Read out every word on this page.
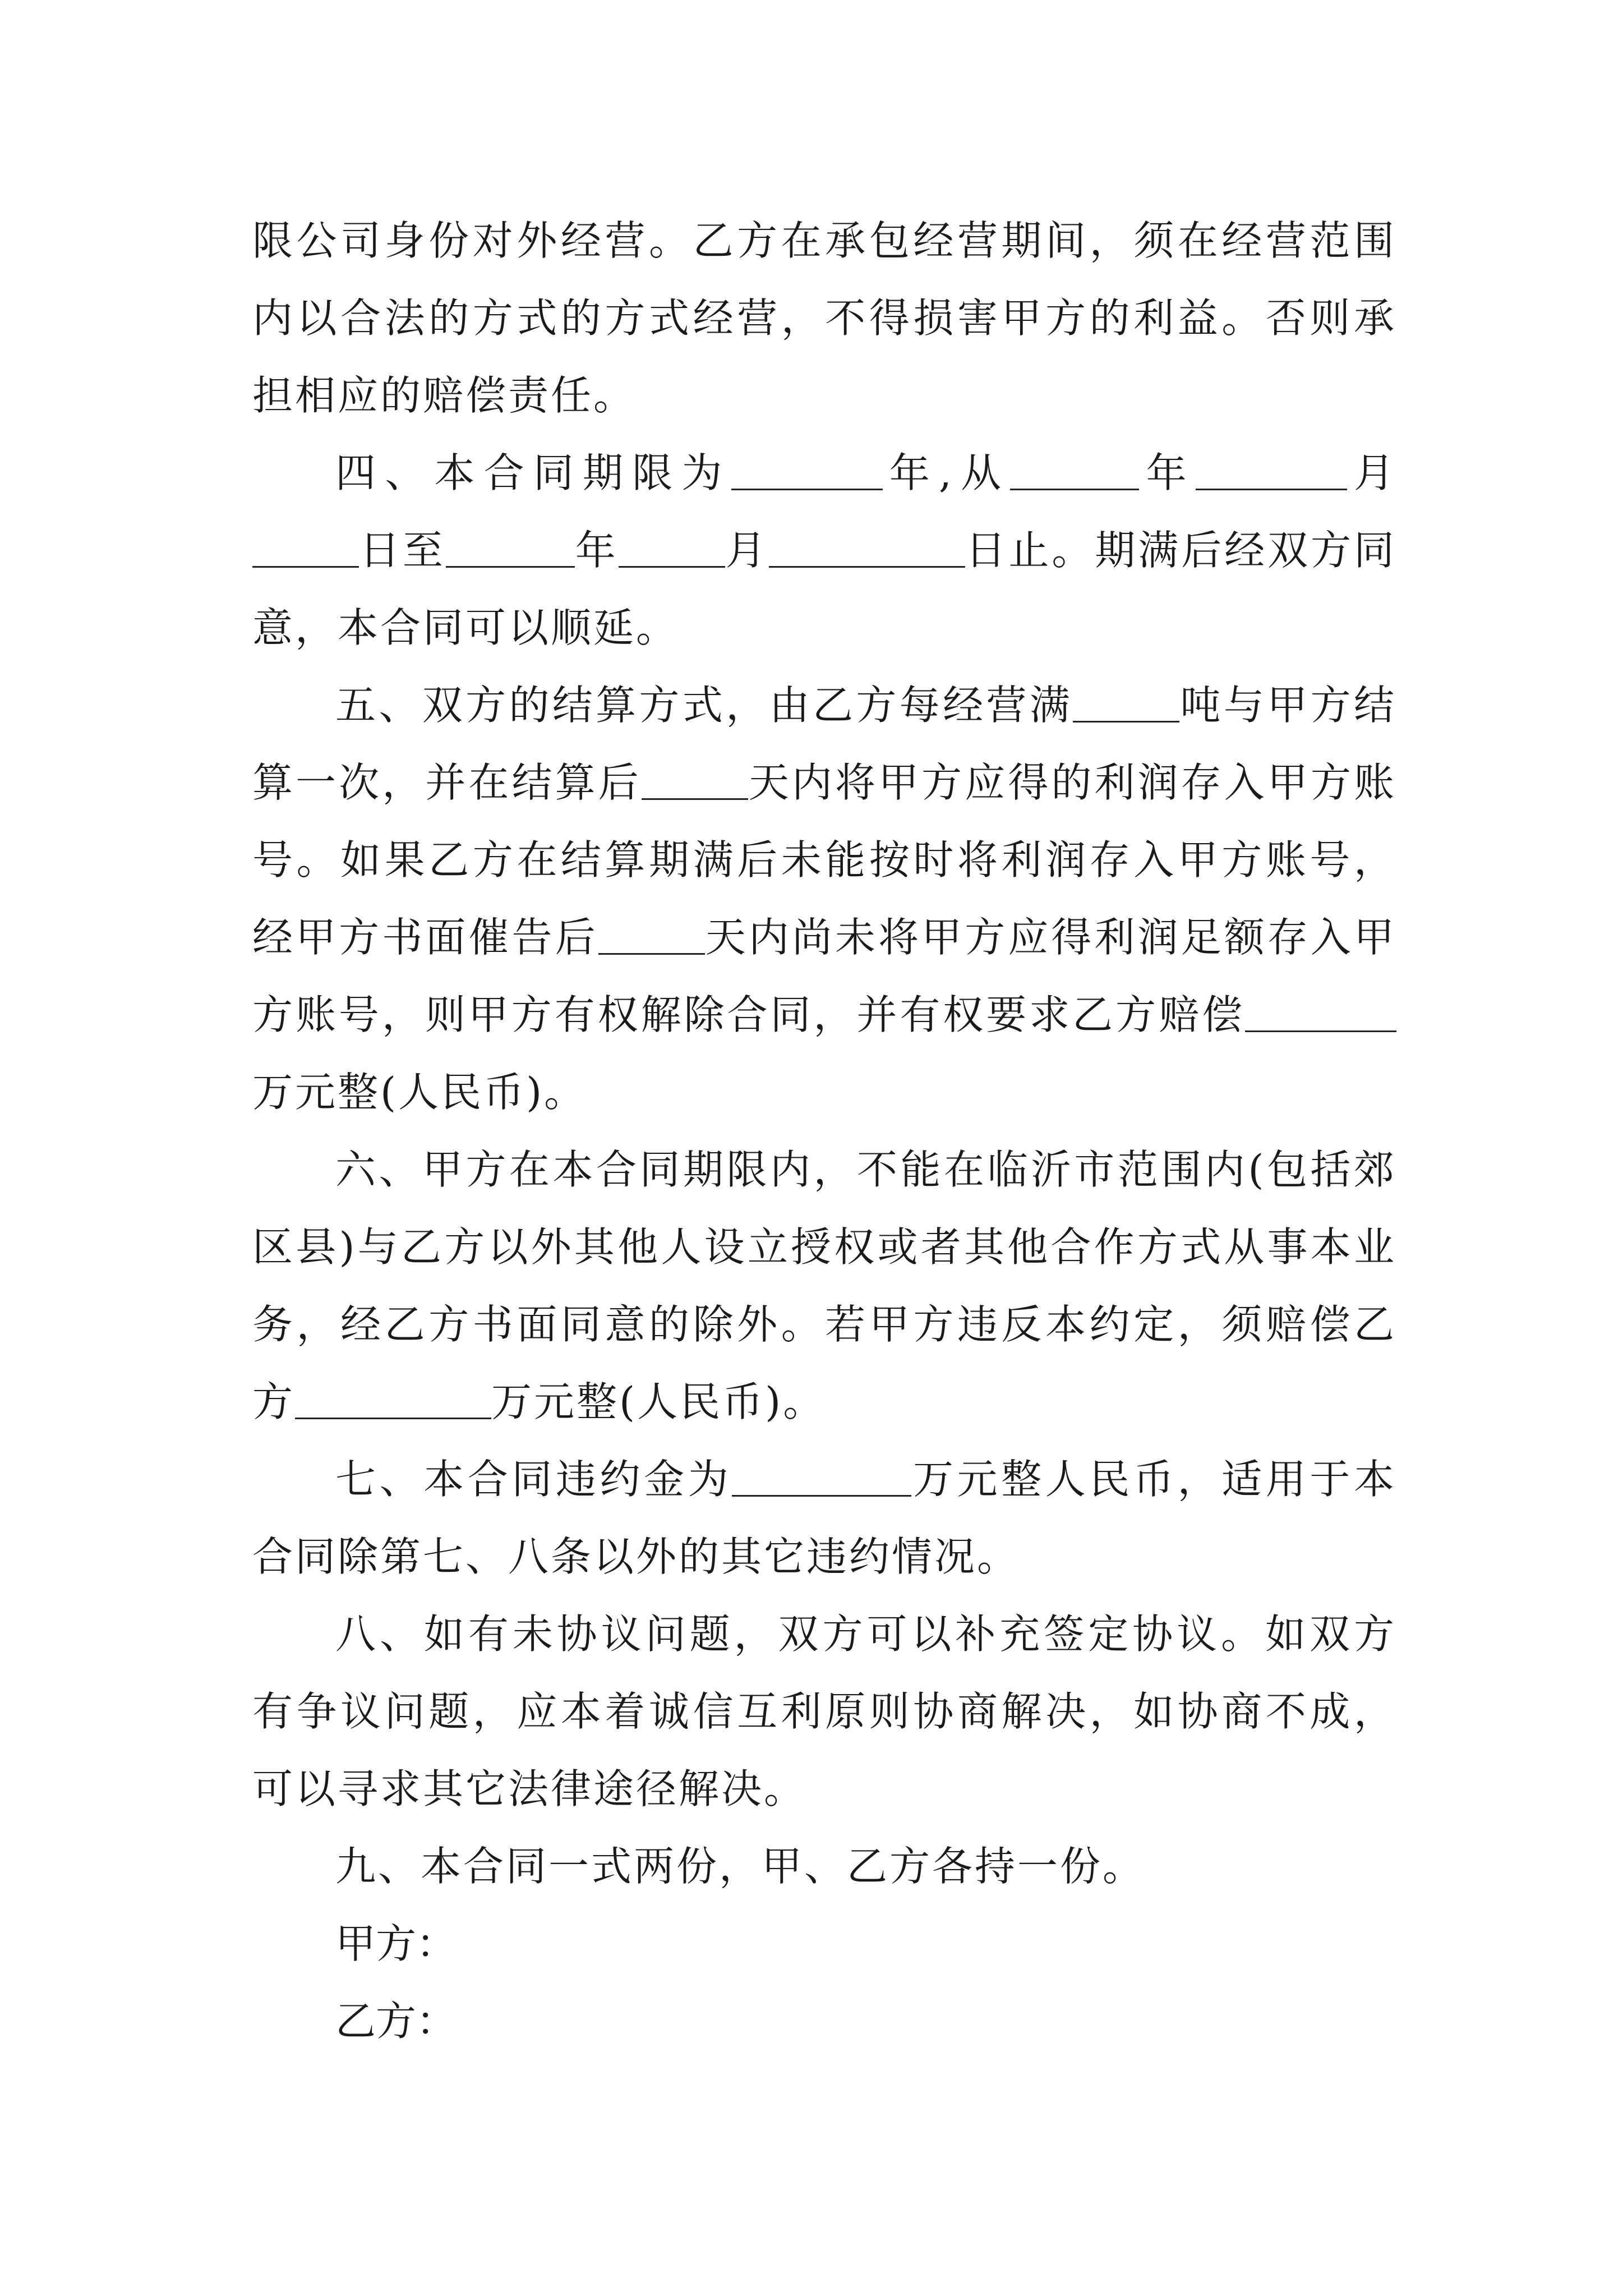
限公司身份对外经营。乙方在承包经营期间，须在经营范围内以合法的方式的方式经营，不得损害甲方的利益。否则承担相应的赔偿责任。

四、本合同期限为	年,从	年	月日至	年	月	日止。期满后经双方同意，本合同可以顺延。

五、双方的结算方式，由乙方每经营满	吨与甲方结算一次，并在结算后	天内将甲方应得的利润存入甲方账号。如果乙方在结算期满后未能按时将利润存入甲方账号，经甲方书面催告后	天内尚未将甲方应得利润足额存入甲方账号，则甲方有权解除合同，并有权要求乙方赔偿万元整(人民币)。

六、甲方在本合同期限内，不能在临沂市范围内(包括郊区县)与乙方以外其他人设立授权或者其他合作方式从事本业务，经乙方书面同意的除外。若甲方违反本约定，须赔偿乙方	万元整(人民币)。

七、本合同违约金为	万元整人民币，适用于本合同除第七、八条以外的其它违约情况。

八、如有未协议问题，双方可以补充签定协议。如双方有争议问题，应本着诚信互利原则协商解决，如协商不成，可以寻求其它法律途径解决。

九、本合同一式两份，甲、乙方各持一份。

甲方：

乙方：
